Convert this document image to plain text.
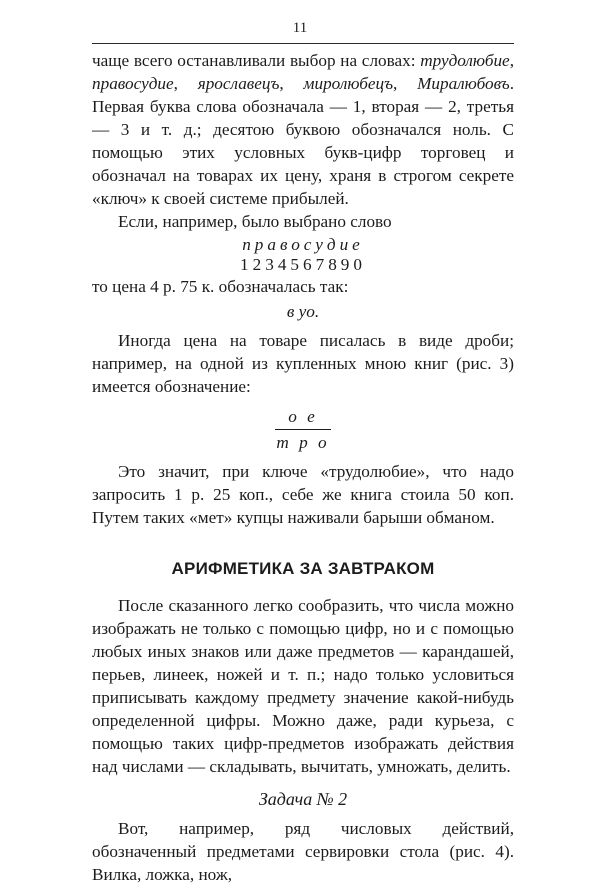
11

чаще всего останавливали выбор на словах: трудолюбие, правосудие, ярославецъ, миролюбецъ, Миралюбовъ. Первая буква слова обозначала — 1, вторая — 2, третья — 3 и т. д.; десятою буквою обозначался ноль. С помощью этих условных букв-цифр торговец и обозначал на товарах их цену, храня в строгом секрете «ключ» к своей системе прибылей.

Если, например, было выбрано слово

правосудие
1234567890

то цена 4 р. 75 к. обозначалась так:

в уо.

Иногда цена на товаре писалась в виде дроби; например, на одной из купленных мною книг (рис. 3) имеется обозначение:

о е
т р о

Это значит, при ключе «трудолюбие», что надо запросить 1 р. 25 коп., себе же книга стоила 50 коп. Путем таких «мет» купцы наживали барыши обманом.

АРИФМЕТИКА ЗА ЗАВТРАКОМ

После сказанного легко сообразить, что числа можно изображать не только с помощью цифр, но и с помощью любых иных знаков или даже предметов — карандашей, перьев, линеек, ножей и т. п.; надо только условиться приписывать каждому предмету значение какой-нибудь определенной цифры. Можно даже, ради курьеза, с помощью таких цифр-предметов изображать действия над числами — складывать, вычитать, умножать, делить.

Задача № 2

Вот, например, ряд числовых действий, обозначенный предметами сервировки стола (рис. 4). Вилка, ложка, нож,
